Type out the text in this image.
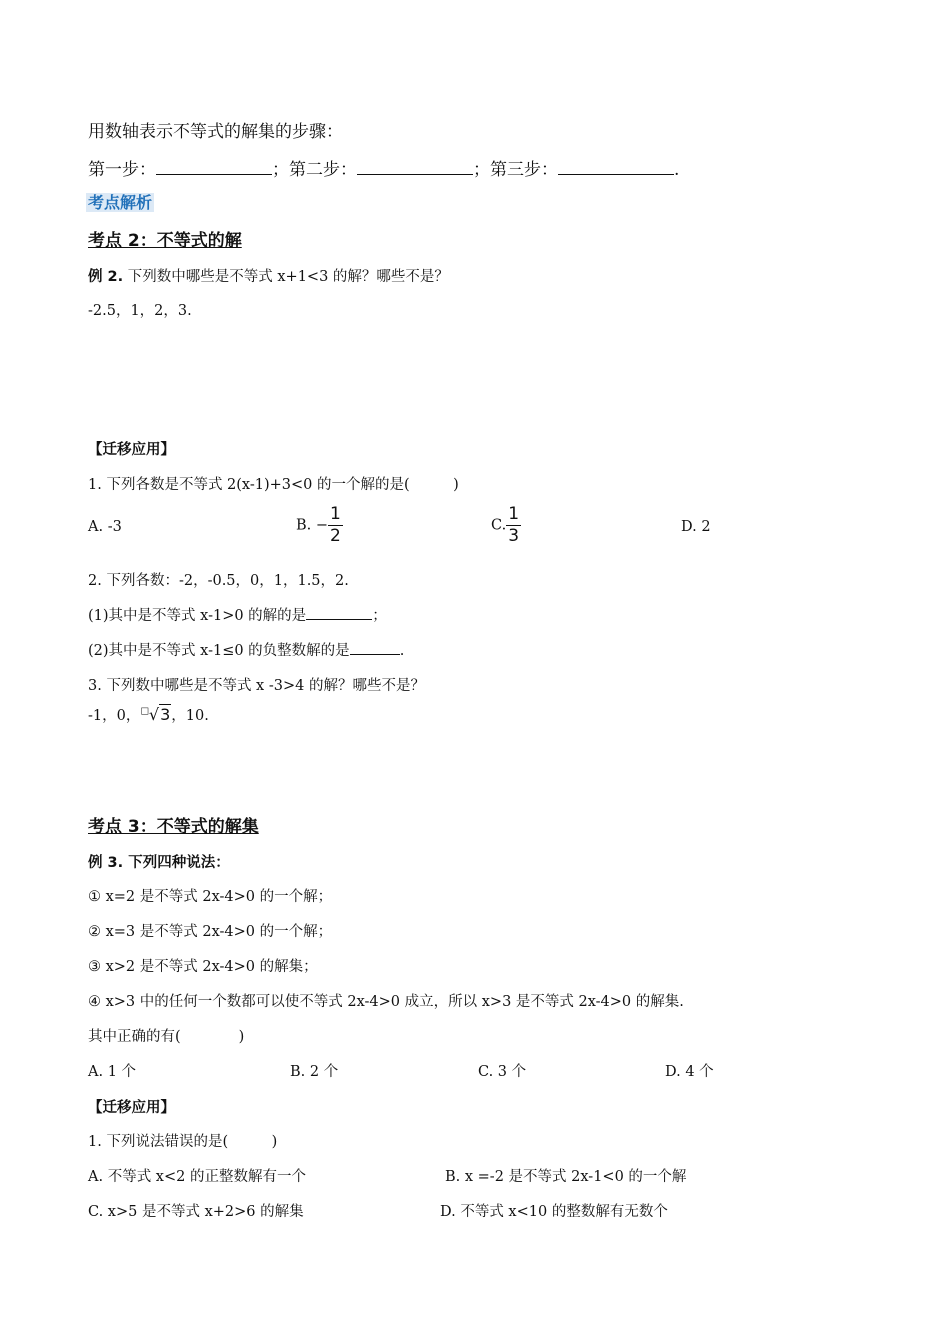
用数轴表示不等式的解集的步骤：
第一步：	；第二步：	；第三步：	.
考点解析
考点 2：不等式的解
例 2. 下列数中哪些是不等式 x+1<3 的解？哪些不是？
-2.5，1，2，3.
【迁移应用】
1. 下列各数是不等式 2(x-1)+3<0 的一个解的是(　　　)
A. -3	B. − $\frac{1}{2}$	C. $\frac{1}{3}$	D. 2
2. 下列各数：-2，-0.5，0，1，1.5，2.
(1)其中是不等式 x-1>0 的解的是	；
(2)其中是不等式 x-1≤0 的负整数解的是	.
3. 下列数中哪些是不等式 x -3>4 的解？哪些不是？
-1，0，□√3，10.
考点 3：不等式的解集
例 3. 下列四种说法：
① x=2 是不等式 2x-4>0 的一个解；
② x=3 是不等式 2x-4>0 的一个解；
③ x>2 是不等式 2x-4>0 的解集；
④ x>3 中的任何一个数都可以使不等式 2x-4>0 成立，所以 x>3 是不等式 2x-4>0 的解集.
其中正确的有(　　　　)
A. 1 个	B. 2 个	C. 3 个	D. 4 个
【迁移应用】
1. 下列说法错误的是(　　　)
A. 不等式 x<2 的正整数解有一个	B. x =-2 是不等式 2x-1<0 的一个解
C. x>5 是不等式 x+2>6 的解集	D. 不等式 x<10 的整数解有无数个
